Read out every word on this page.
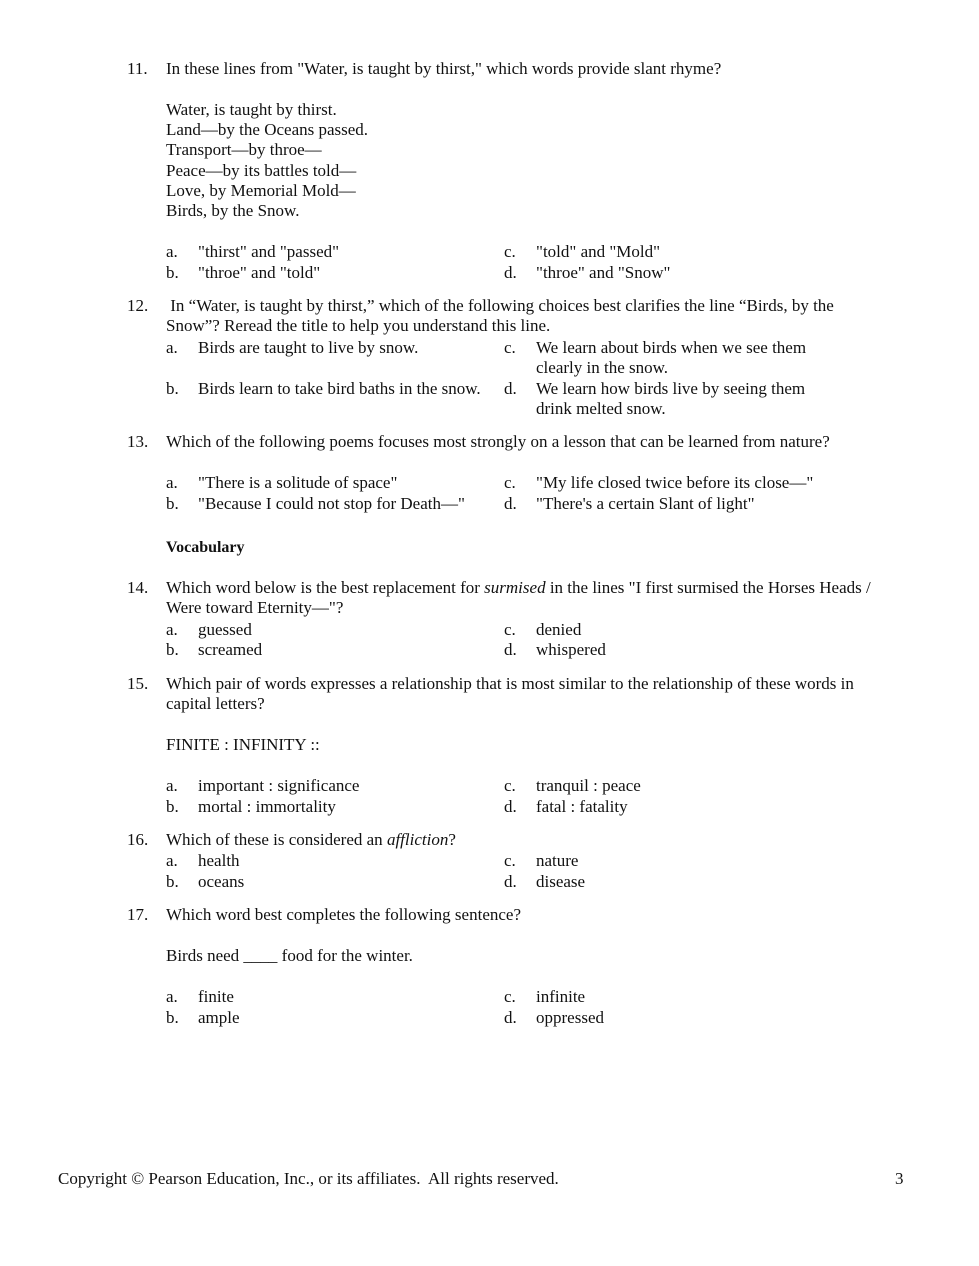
11. In these lines from "Water, is taught by thirst," which words provide slant rhyme?
Water, is taught by thirst.
Land—by the Oceans passed.
Transport—by throe—
Peace—by its battles told—
Love, by Memorial Mold—
Birds, by the Snow.
a. "thirst" and "passed"	c. "told" and "Mold"
b. "throe" and "told"	d. "throe" and "Snow"
12. In “Water, is taught by thirst,” which of the following choices best clarifies the line “Birds, by the Snow”? Reread the title to help you understand this line.
a. Birds are taught to live by snow.	c. We learn about birds when we see them clearly in the snow.
b. Birds learn to take bird baths in the snow.	d. We learn how birds live by seeing them drink melted snow.
13. Which of the following poems focuses most strongly on a lesson that can be learned from nature?
a. "There is a solitude of space"	c. "My life closed twice before its close—"
b. "Because I could not stop for Death—"	d. "There's a certain Slant of light"
Vocabulary
14. Which word below is the best replacement for surmised in the lines "I first surmised the Horses Heads / Were toward Eternity—"?
a. guessed	c. denied
b. screamed	d. whispered
15. Which pair of words expresses a relationship that is most similar to the relationship of these words in capital letters?
FINITE : INFINITY ::
a. important : significance	c. tranquil : peace
b. mortal : immortality	d. fatal : fatality
16. Which of these is considered an affliction?
a. health	c. nature
b. oceans	d. disease
17. Which word best completes the following sentence?
Birds need ____ food for the winter.
a. finite	c. infinite
b. ample	d. oppressed
Copyright © Pearson Education, Inc., or its affiliates.  All rights reserved.	3
